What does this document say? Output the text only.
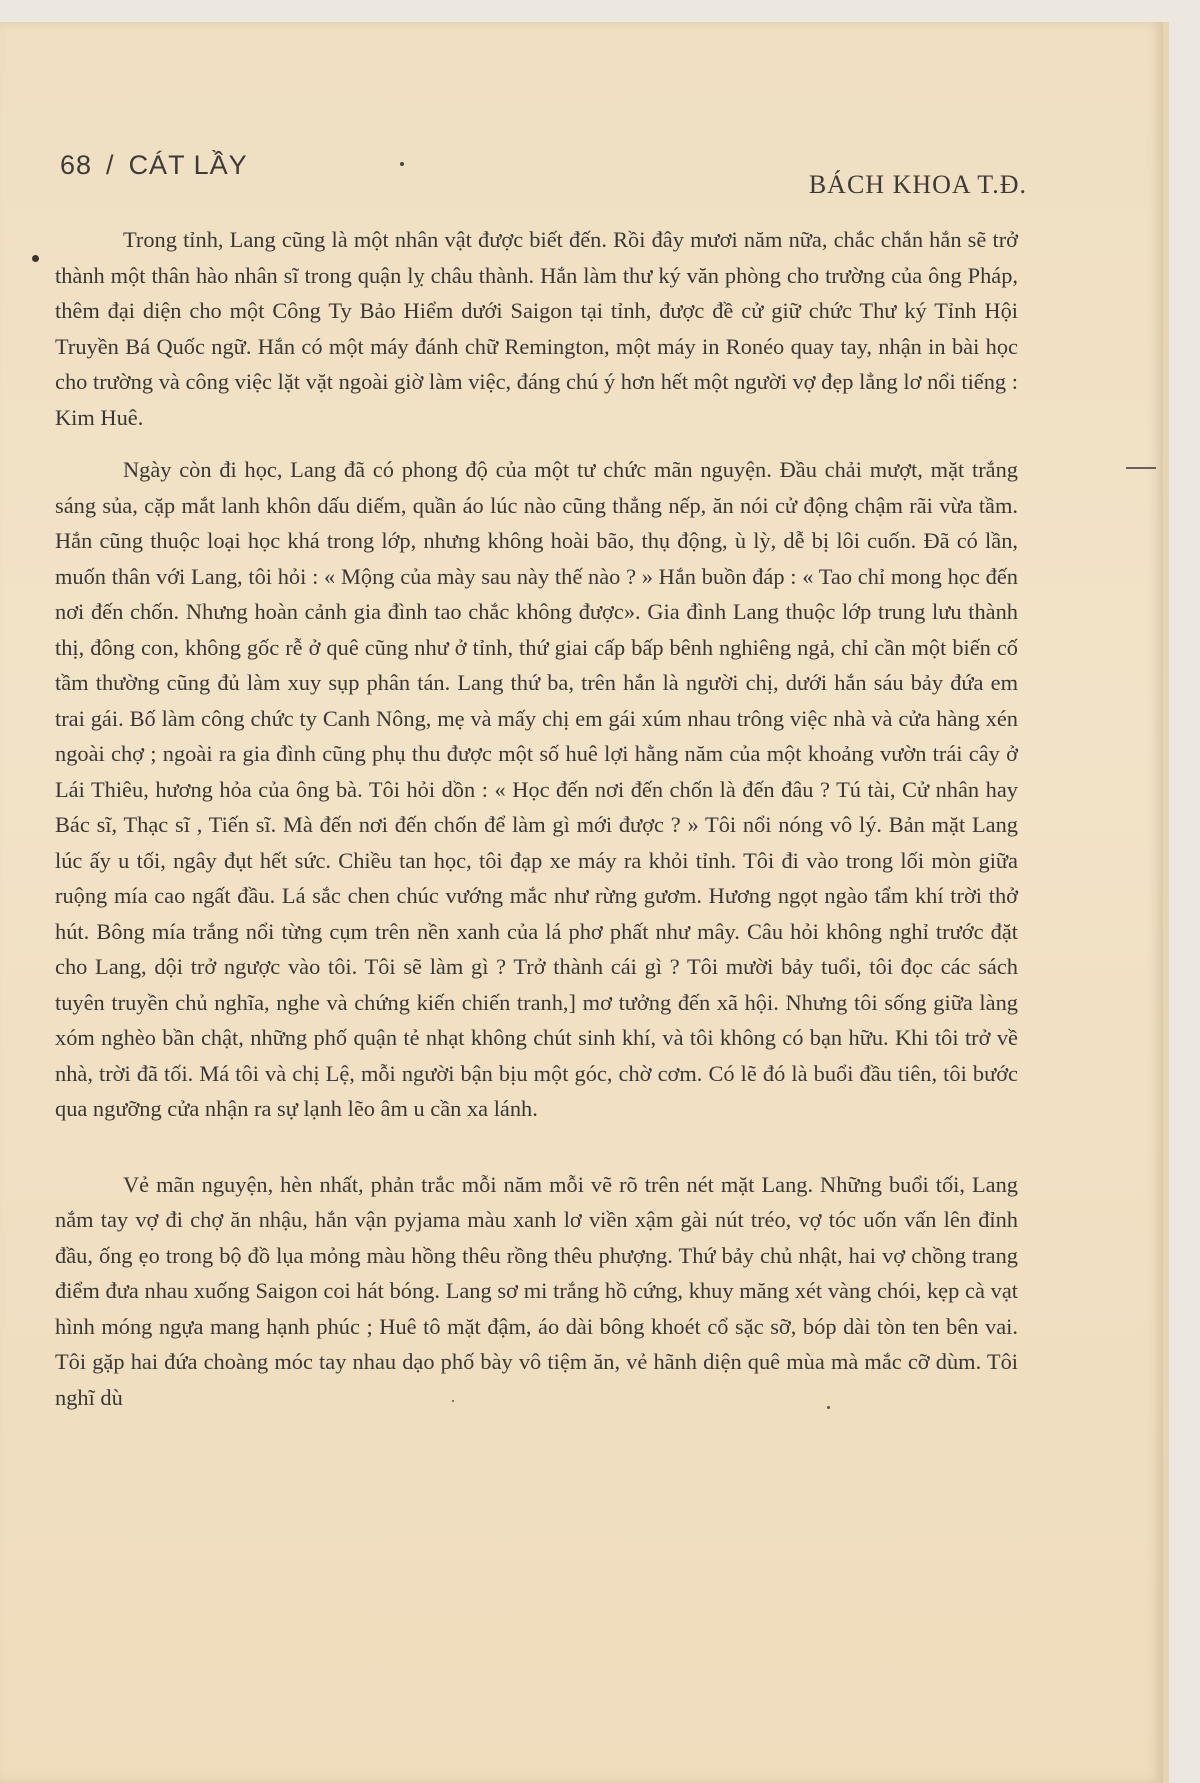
68 / CÁT LẦY
BÁCH KHOA T.Đ.

Trong tỉnh, Lang cũng là một nhân vật được biết đến. Rồi đây mươi năm nữa, chắc chắn hắn sẽ trở thành một thân hào nhân sĩ trong quận lỵ châu thành. Hắn làm thư ký văn phòng cho trường của ông Pháp, thêm đại diện cho một Công Ty Bảo Hiểm dưới Saigon tại tỉnh, được đề cử giữ chức Thư ký Tỉnh Hội Truyền Bá Quốc ngữ. Hắn có một máy đánh chữ Remington, một máy in Ronéo quay tay, nhận in bài học cho trường và công việc lặt vặt ngoài giờ làm việc, đáng chú ý hơn hết một người vợ đẹp lẳng lơ nổi tiếng : Kim Huê.

Ngày còn đi học, Lang đã có phong độ của một tư chức mãn nguyện. Đầu chải mượt, mặt trắng sáng sủa, cặp mắt lanh khôn dấu diếm, quần áo lúc nào cũng thẳng nếp, ăn nói cử động chậm rãi vừa tầm. Hắn cũng thuộc loại học khá trong lớp, nhưng không hoài bão, thụ động, ù lỳ, dễ bị lôi cuốn. Đã có lần, muốn thân với Lang, tôi hỏi : « Mộng của mày sau này thế nào ? » Hắn buồn đáp : « Tao chỉ mong học đến nơi đến chốn. Nhưng hoàn cảnh gia đình tao chắc không được». Gia đình Lang thuộc lớp trung lưu thành thị, đông con, không gốc rễ ở quê cũng như ở tỉnh, thứ giai cấp bấp bênh nghiêng ngả, chỉ cần một biến cố tầm thường cũng đủ làm xuy sụp phân tán. Lang thứ ba, trên hắn là người chị, dưới hắn sáu bảy đứa em trai gái. Bố làm công chức ty Canh Nông, mẹ và mấy chị em gái xúm nhau trông việc nhà và cửa hàng xén ngoài chợ ; ngoài ra gia đình cũng phụ thu được một số huê lợi hằng năm của một khoảng vườn trái cây ở Lái Thiêu, hương hỏa của ông bà. Tôi hỏi dồn : « Học đến nơi đến chốn là đến đâu ? Tú tài, Cử nhân hay Bác sĩ, Thạc sĩ , Tiến sĩ. Mà đến nơi đến chốn để làm gì mới được ? » Tôi nổi nóng vô lý. Bản mặt Lang lúc ấy u tối, ngây đụt hết sức. Chiều tan học, tôi đạp xe máy ra khỏi tỉnh. Tôi đi vào trong lối mòn giữa ruộng mía cao ngất đầu. Lá sắc chen chúc vướng mắc như rừng gươm. Hương ngọt ngào tẩm khí trời thở hút. Bông mía trắng nổi từng cụm trên nền xanh của lá phơ phất như mây. Câu hỏi không nghỉ trước đặt cho Lang, dội trở ngược vào tôi. Tôi sẽ làm gì ? Trở thành cái gì ? Tôi mười bảy tuổi, tôi đọc các sách tuyên truyền chủ nghĩa, nghe và chứng kiến chiến tranh,] mơ tưởng đến xã hội. Nhưng tôi sống giữa làng xóm nghèo bần chật, những phố quận tẻ nhạt không chút sinh khí, và tôi không có bạn hữu. Khi tôi trở về nhà, trời đã tối. Má tôi và chị Lệ, mỗi người bận bịu một góc, chờ cơm. Có lẽ đó là buổi đầu tiên, tôi bước qua ngưỡng cửa nhận ra sự lạnh lẽo âm u cần xa lánh.

Vẻ mãn nguyện, hèn nhất, phản trắc mỗi năm mỗi vẽ rõ trên nét mặt Lang. Những buổi tối, Lang nắm tay vợ đi chợ ăn nhậu, hắn vận pyjama màu xanh lơ viền xậm gài nút tréo, vợ tóc uốn vấn lên đỉnh đầu, ống ẹo trong bộ đồ lụa mỏng màu hồng thêu rồng thêu phượng. Thứ bảy chủ nhật, hai vợ chồng trang điểm đưa nhau xuống Saigon coi hát bóng. Lang sơ mi trắng hồ cứng, khuy măng xét vàng chói, kẹp cà vạt hình móng ngựa mang hạnh phúc ; Huê tô mặt đậm, áo dài bông khoét cổ sặc sỡ, bóp dài tòn ten bên vai. Tôi gặp hai đứa choàng móc tay nhau dạo phố bày vô tiệm ăn, vẻ hãnh diện quê mùa mà mắc cỡ dùm. Tôi nghĩ dù
